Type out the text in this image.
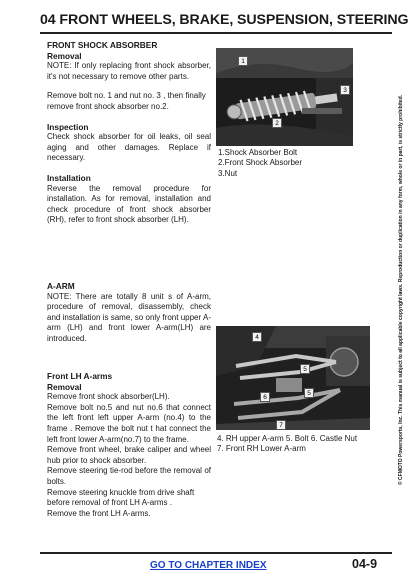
04 FRONT WHEELS, BRAKE, SUSPENSION, STEERING

FRONT SHOCK ABSORBER

Removal

NOTE: If only replacing front shock absorber, it's not necessary to remove other parts.

Remove bolt no. 1 and nut no. 3 , then finally remove front shock absorber no.2.

Inspection

Check shock absorber for oil leaks, oil seal aging and other damages. Replace if necessary.

Installation

Reverse the removal procedure for installation. As for removal, installation and check procedure of front shock absorber (RH), refer to front shock absorber (LH).

A-ARM

NOTE: There are totally 8 unit s of A-arm, procedure of removal, disassembly, check and installation is same, so only front upper A-arm (LH) and front lower A-arm(LH) are introduced.

Front LH A-arms

Removal

Remove front shock absorber(LH).

Remove bolt no.5 and nut no.6 that connect the left front left upper A-arm (no.4) to the frame . Remove the bolt nut t hat connect the left front lower A-arm(no.7) to the frame.

Remove front wheel, brake caliper and wheel hub prior to shock absorber.

Remove steering tie-rod before the removal of bolts.

Remove steering knuckle from drive shaft before removal of front LH A-arms .

Remove the front LH A-arms.

1
2
3

1.Shock Absorber Bolt

2.Front Shock Absorber

3.Nut

4
5
6
7
5

4. RH upper A-arm 5. Bolt 6. Castle Nut

7. Front RH Lower A-arm	© CFMOTO Powersports, Inc. This manual is subject to all applicable copyright laws. Reproduction or duplication in any form, whole or in part, is strictly prohibited.
GO TO CHAPTER INDEX	04-9
